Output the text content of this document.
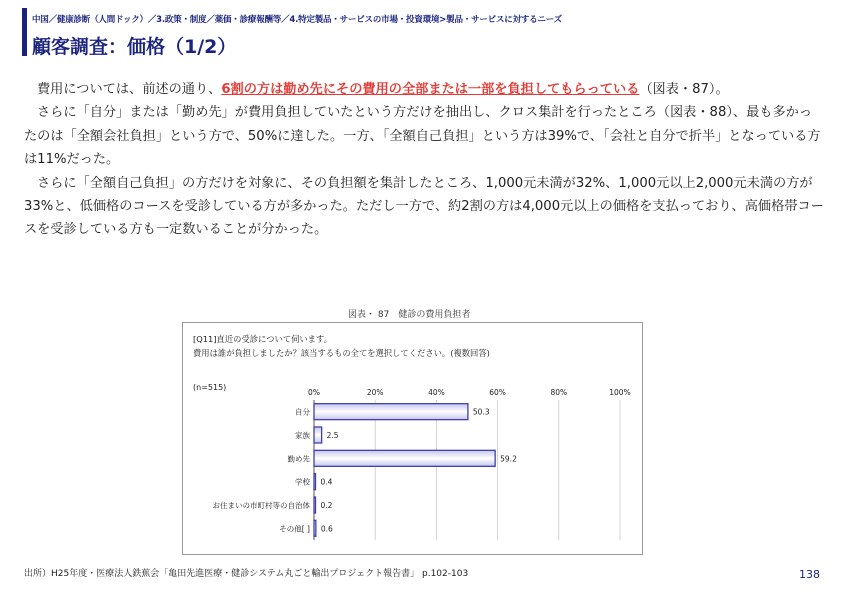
中国／健康診断（人間ドック）／3.政策・制度／薬価・診療報酬等／4.特定製品・サービスの市場・投資環境>製品・サービスに対するニーズ
顧客調査：価格（1/2）

費用については、前述の通り、6割の方は勤め先にその費用の全部または一部を負担してもらっている（図表・87）。

さらに「自分」または「勤め先」が費用負担していたという方だけを抽出し、クロス集計を行ったところ（図表・88）、最も多かったのは「全額会社負担」という方で、50%に達した。一方、「全額自己負担」という方は39%で、「会社と自分で折半」となっている方は11%だった。

さらに「全額自己負担」の方だけを対象に、その負担額を集計したところ、1,000元未満が32%、1,000元以上2,000元未満の方が33%と、低価格のコースを受診している方が多かった。ただし一方で、約2割の方は4,000元以上の価格を支払っており、高価格帯コースを受診している方も一定数いることが分かった。

図表・ 87　健診の費用負担者
[Q11]直近の受診について伺います。
費用は誰が負担しましたか？該当するもの全てを選択してください。(複数回答)
(n=515)
0%	20%	40%	60%	80%	100%
自分	50.3
家族 2.5
勤め先	59.2
学校 0.4
お住まいの市町村等の自治体 0.2
その他[ ] 0.6
出所）H25年度・医療法人鉄蕉会「亀田先進医療・健診システム丸ごと輸出プロジェクト報告書」 p.102-103	138
